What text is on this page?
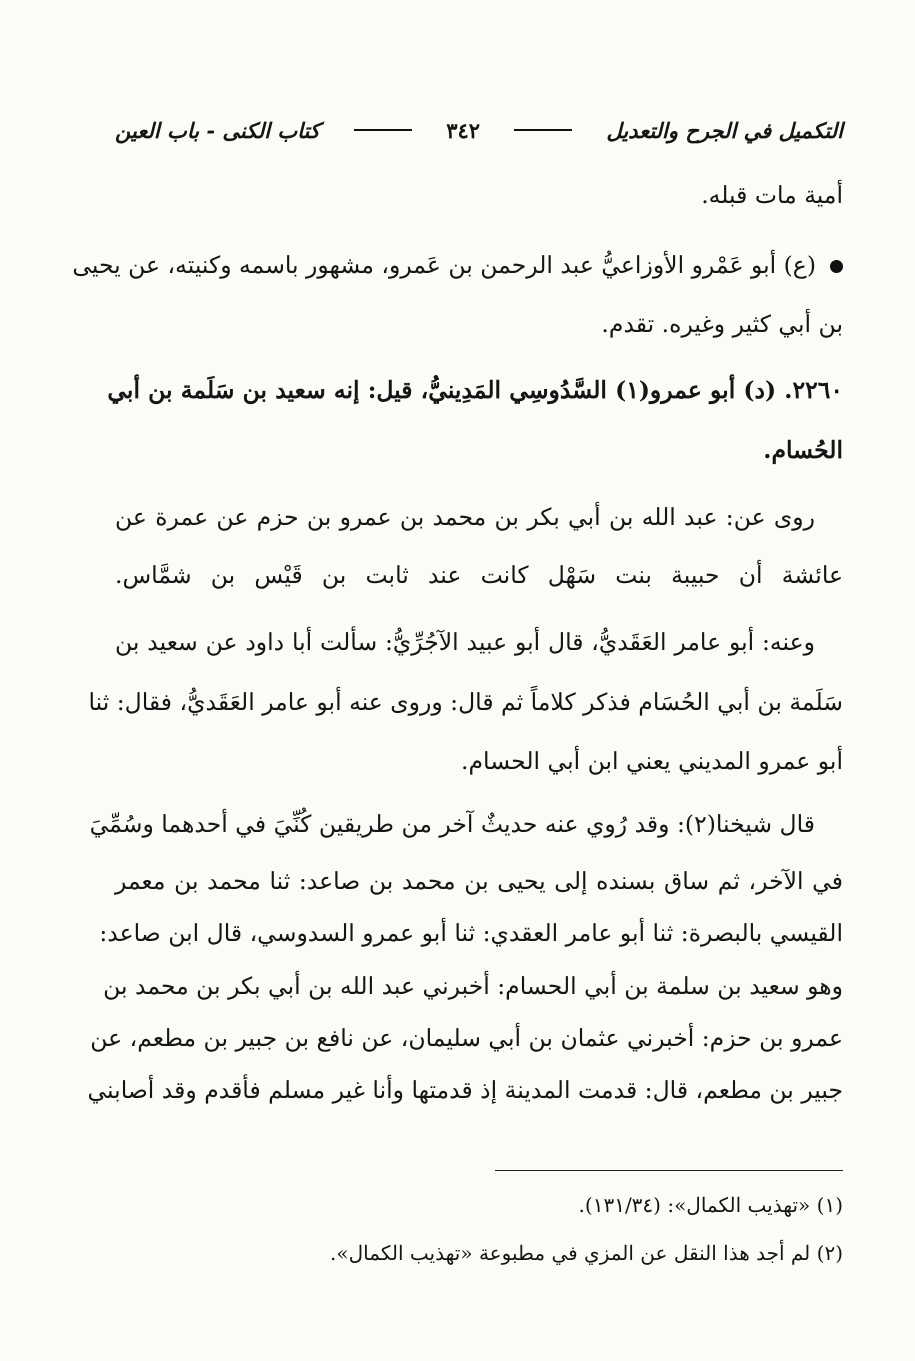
التكميل في الجرح والتعديل
٣٤٢
كتاب الكنى - باب العين
أمية مات قبله.
(ع) أبو عَمْرو الأوزاعيُّ عبد الرحمن بن عَمرو، مشهور باسمه وكنيته، عن يحيى
بن أبي كثير وغيره. تقدم.
٢٢٦٠. (د) أبو عمرو(١) السَّدُوسِي المَدِينيُّ، قيل: إنه سعيد بن سَلَمة بن أبي
الحُسام.
روى عن: عبد الله بن أبي بكر بن محمد بن عمرو بن حزم عن عمرة عن
عائشة أن حبيبة بنت سَهْل كانت عند ثابت بن قَيْس بن شمَّاس.
وعنه: أبو عامر العَقَديُّ، قال أبو عبيد الآجُرِّيُّ: سألت أبا داود عن سعيد بن
سَلَمة بن أبي الحُسَام فذكر كلاماً ثم قال: وروى عنه أبو عامر العَقَديُّ، فقال: ثنا
أبو عمرو المديني يعني ابن أبي الحسام.
قال شيخنا(٢): وقد رُوي عنه حديثٌ آخر من طريقين كُنِّيَ في أحدهما وسُمِّيَ
في الآخر، ثم ساق بسنده إلى يحيى بن محمد بن صاعد: ثنا محمد بن معمر
القيسي بالبصرة: ثنا أبو عامر العقدي: ثنا أبو عمرو السدوسي، قال ابن صاعد:
وهو سعيد بن سلمة بن أبي الحسام: أخبرني عبد الله بن أبي بكر بن محمد بن
عمرو بن حزم: أخبرني عثمان بن أبي سليمان، عن نافع بن جبير بن مطعم، عن
جبير بن مطعم، قال: قدمت المدينة إذ قدمتها وأنا غير مسلم فأقدم وقد أصابني
(١) «تهذيب الكمال»: (١٣١/٣٤).
(٢) لم أجد هذا النقل عن المزي في مطبوعة «تهذيب الكمال».
